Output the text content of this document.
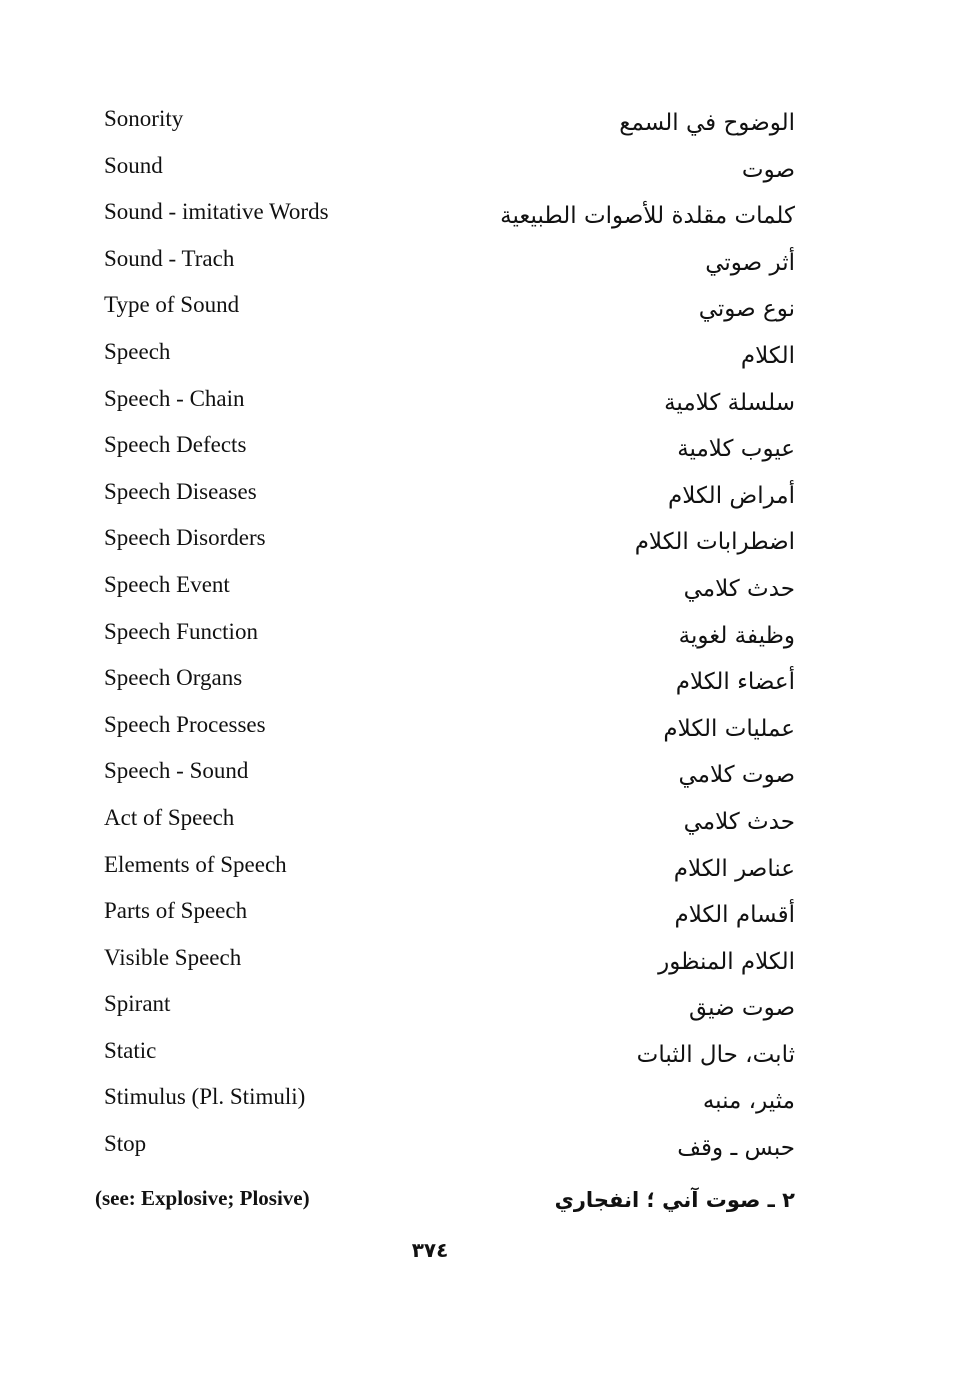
Sonority	الوضوح في السمع
Sound	صوت
Sound - imitative Words	كلمات مقلدة للأصوات الطبيعية
Sound - Trach	أثر صوتي
Type of Sound	نوع صوتي
Speech	الكلام
Speech - Chain	سلسلة كلامية
Speech Defects	عيوب كلامية
Speech Diseases	أمراض الكلام
Speech Disorders	اضطرابات الكلام
Speech Event	حدث كلامي
Speech Function	وظيفة لغوية
Speech Organs	أعضاء الكلام
Speech Processes	عمليات الكلام
Speech - Sound	صوت كلامي
Act of Speech	حدث كلامي
Elements of Speech	عناصر الكلام
Parts of Speech	أقسام الكلام
Visible Speech	الكلام المنظور
Spirant	صوت ضيق
Static	ثابت، حال الثبات
Stimulus (Pl. Stimuli)	مثير، منبه
Stop	حبس ـ وقف
(see: Explosive; Plosive)	٢ ـ صوت آني ؛ انفجاري
٣٧٤
